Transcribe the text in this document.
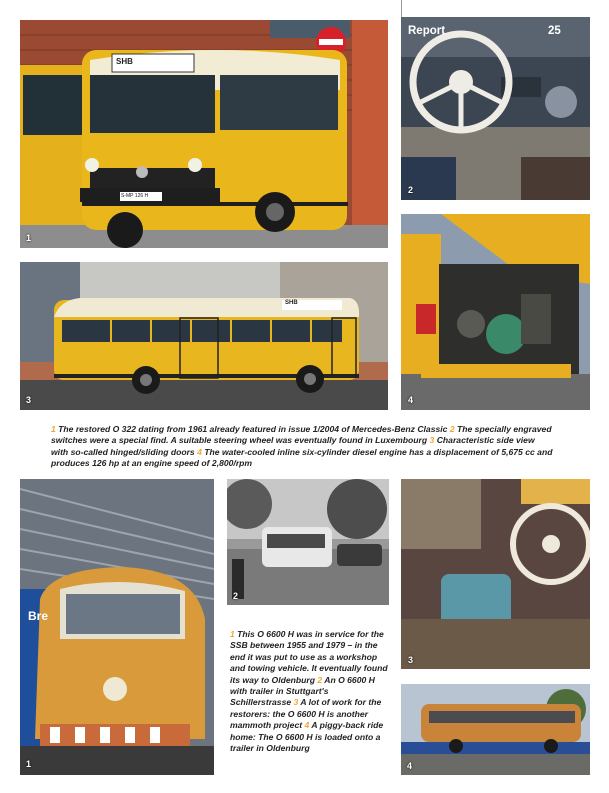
SHB
S-MP 126 H
1
Report	25
2
SHB
3	4
1 The restored O 322 dating from 1961 already featured in issue 1/2004 of Mercedes-Benz Classic 2 The specially engraved switches were a special find. A suitable steering wheel was eventually found in Luxembourg 3 Characteristic side view with so-called hinged/sliding doors 4 The water-cooled inline six-cylinder diesel engine has a displacement of 5,675 cc and produces 126 hp at an engine speed of 2,800/rpm
Bre
1
2
1 This O 6600 H was in service for the SSB between 1955 and 1979 – in the end it was put to use as a workshop and towing vehicle. It eventually found its way to Oldenburg 2 An O 6600 H with trailer in Stuttgart's Schillerstrasse 3 A lot of work for the restorers: the O 6600 H is another mammoth project 4 A piggy-back ride home: The O 6600 H is loaded onto a trailer in Oldenburg
3
4
